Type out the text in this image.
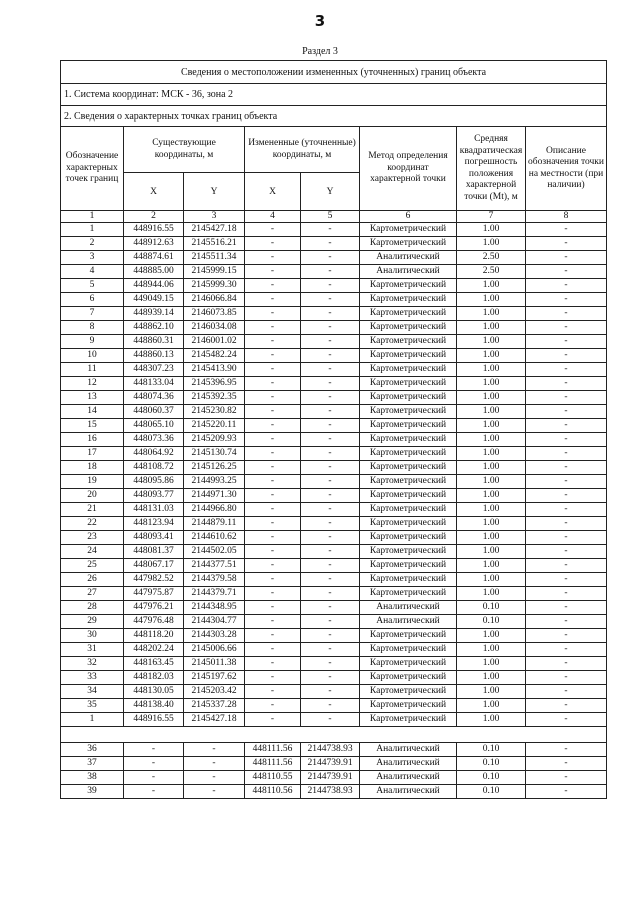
3
Раздел 3
Сведения о местоположении измененных (уточненных) границ объекта							
1. Система координат: МСК - 36, зона 2							
2. Сведения о характерных точках границ объекта							
Обозначение характерных точек границ	Существующие координаты, м		Измененные (уточненные) координаты, м		Метод определения координат характерной точки	Средняя квадратическая погрешность положения характерной точки (Mt), м	Описание обозначения точки на местности (при наличии)
	X	Y	X	Y			
1	2	3	4	5	6	7	8
1	448916.55	2145427.18	-	-	Картометрический	1.00	-
2	448912.63	2145516.21	-	-	Картометрический	1.00	-
3	448874.61	2145511.34	-	-	Аналитический	2.50	-
4	448885.00	2145999.15	-	-	Аналитический	2.50	-
5	448944.06	2145999.30	-	-	Картометрический	1.00	-
6	449049.15	2146066.84	-	-	Картометрический	1.00	-
7	448939.14	2146073.85	-	-	Картометрический	1.00	-
8	448862.10	2146034.08	-	-	Картометрический	1.00	-
9	448860.31	2146001.02	-	-	Картометрический	1.00	-
10	448860.13	2145482.24	-	-	Картометрический	1.00	-
11	448307.23	2145413.90	-	-	Картометрический	1.00	-
12	448133.04	2145396.95	-	-	Картометрический	1.00	-
13	448074.36	2145392.35	-	-	Картометрический	1.00	-
14	448060.37	2145230.82	-	-	Картометрический	1.00	-
15	448065.10	2145220.11	-	-	Картометрический	1.00	-
16	448073.36	2145209.93	-	-	Картометрический	1.00	-
17	448064.92	2145130.74	-	-	Картометрический	1.00	-
18	448108.72	2145126.25	-	-	Картометрический	1.00	-
19	448095.86	2144993.25	-	-	Картометрический	1.00	-
20	448093.77	2144971.30	-	-	Картометрический	1.00	-
21	448131.03	2144966.80	-	-	Картометрический	1.00	-
22	448123.94	2144879.11	-	-	Картометрический	1.00	-
23	448093.41	2144610.62	-	-	Картометрический	1.00	-
24	448081.37	2144502.05	-	-	Картометрический	1.00	-
25	448067.17	2144377.51	-	-	Картометрический	1.00	-
26	447982.52	2144379.58	-	-	Картометрический	1.00	-
27	447975.87	2144379.71	-	-	Картометрический	1.00	-
28	447976.21	2144348.95	-	-	Аналитический	0.10	-
29	447976.48	2144304.77	-	-	Аналитический	0.10	-
30	448118.20	2144303.28	-	-	Картометрический	1.00	-
31	448202.24	2145006.66	-	-	Картометрический	1.00	-
32	448163.45	2145011.38	-	-	Картометрический	1.00	-
33	448182.03	2145197.62	-	-	Картометрический	1.00	-
34	448130.05	2145203.42	-	-	Картометрический	1.00	-
35	448138.40	2145337.28	-	-	Картометрический	1.00	-
1	448916.55	2145427.18	-	-	Картометрический	1.00	-

36	-	-	448111.56	2144738.93	Аналитический	0.10	-
37	-	-	448111.56	2144739.91	Аналитический	0.10	-
38	-	-	448110.55	2144739.91	Аналитический	0.10	-
39	-	-	448110.56	2144738.93	Аналитический	0.10	-
